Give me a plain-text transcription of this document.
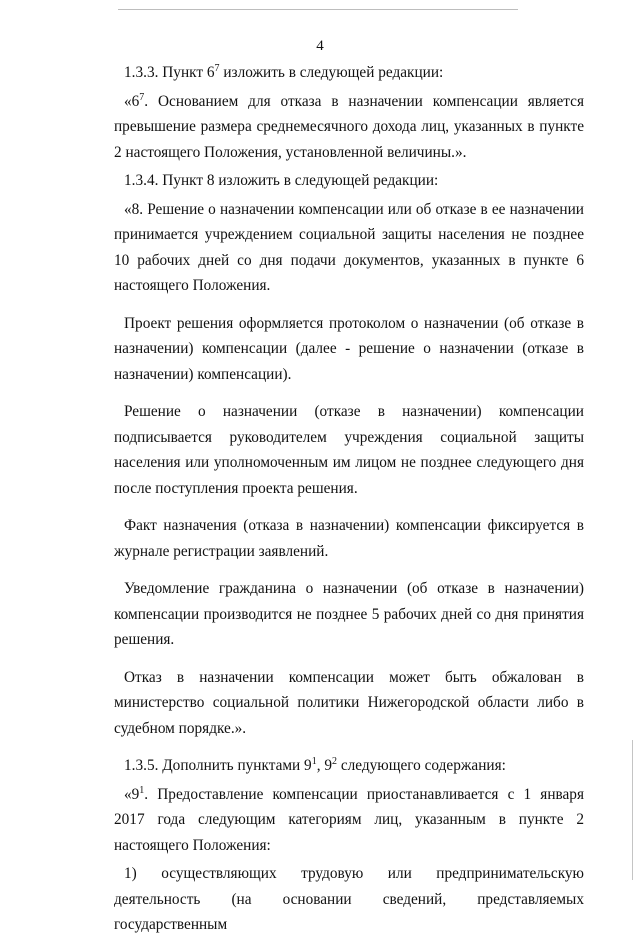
4

1.3.3. Пункт $6^7$ изложить в следующей редакции:

«$6^7$. Основанием для отказа в назначении компенсации является превышение размера среднемесячного дохода лиц, указанных в пункте 2 настоящего Положения, установленной величины.».

1.3.4. Пункт 8 изложить в следующей редакции:

«8. Решение о назначении компенсации или об отказе в ее назначении принимается учреждением социальной защиты населения не позднее 10 рабочих дней со дня подачи документов, указанных в пункте 6 настоящего Положения.

Проект решения оформляется протоколом о назначении (об отказе в назначении) компенсации (далее - решение о назначении (отказе в назначении) компенсации).

Решение о назначении (отказе в назначении) компенсации подписывается руководителем учреждения социальной защиты населения или уполномоченным им лицом не позднее следующего дня после поступления проекта решения.

Факт назначения (отказа в назначении) компенсации фиксируется в журнале регистрации заявлений.

Уведомление гражданина о назначении (об отказе в назначении) компенсации производится не позднее 5 рабочих дней со дня принятия решения.

Отказ в назначении компенсации может быть обжалован в министерство социальной политики Нижегородской области либо в судебном порядке.».

1.3.5. Дополнить пунктами $9^1$, $9^2$ следующего содержания:

«$9^1$. Предоставление компенсации приостанавливается с 1 января 2017 года следующим категориям лиц, указанным в пункте 2 настоящего Положения:

1) осуществляющих трудовую или предпринимательскую деятельность (на основании сведений, представляемых государственным
